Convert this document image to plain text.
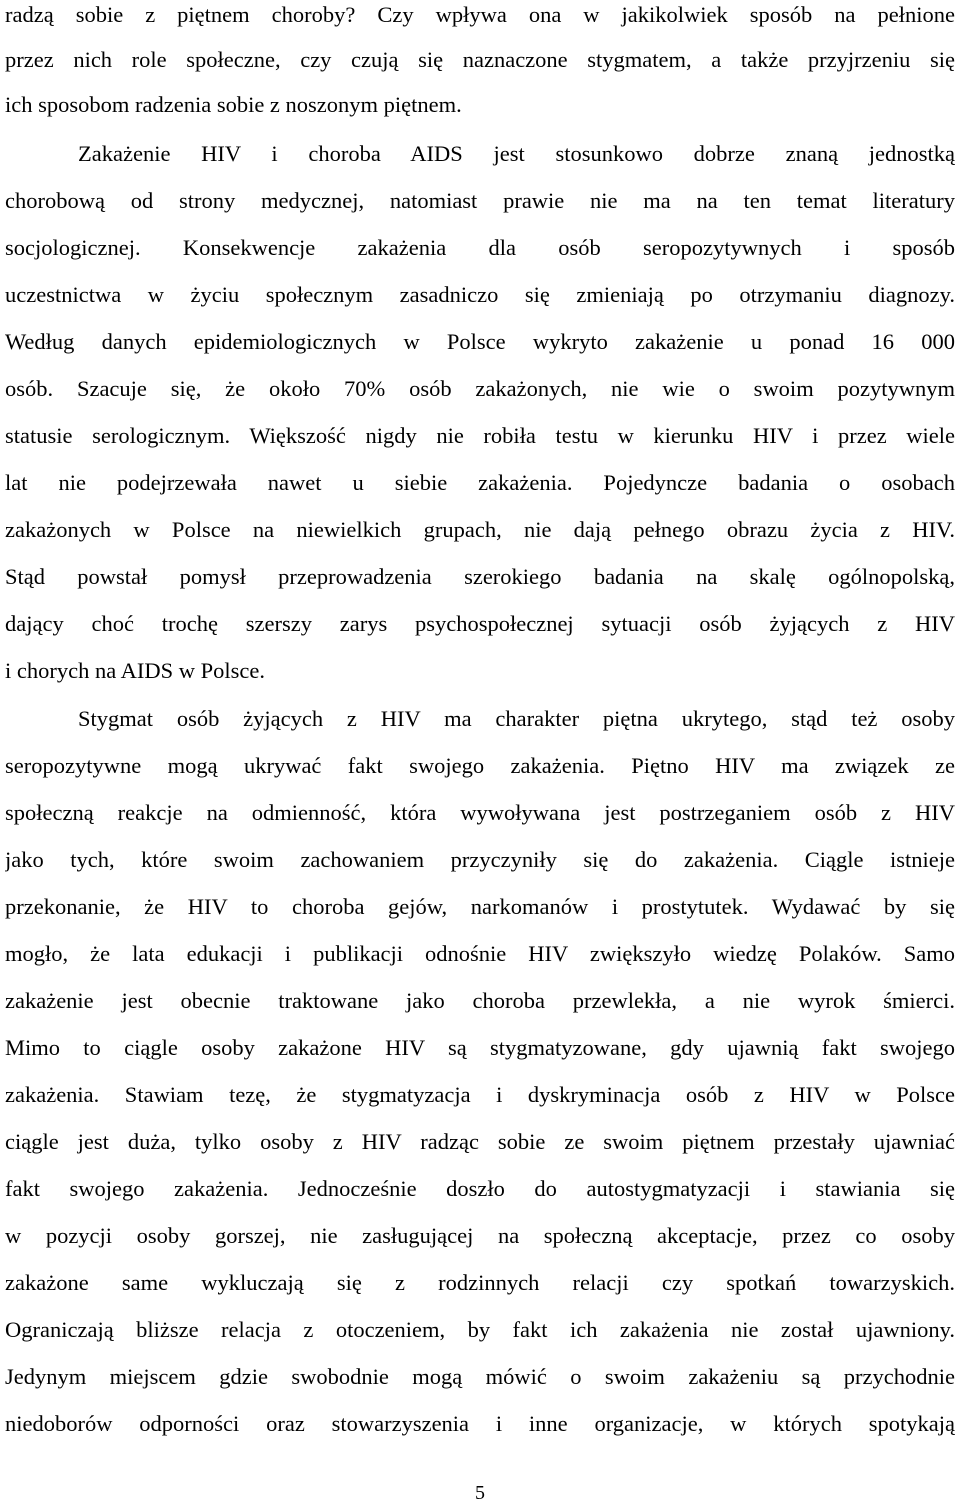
radzą sobie z piętnem choroby? Czy wpływa ona w jakikolwiek sposób na pełnione
przez nich role społeczne, czy czują się naznaczone stygmatem, a także przyjrzeniu się
ich sposobom radzenia sobie z noszonym piętnem.
Zakażenie HIV i choroba AIDS jest stosunkowo dobrze znaną jednostką
chorobową od strony medycznej, natomiast prawie nie ma na ten temat literatury
socjologicznej. Konsekwencje zakażenia dla osób seropozytywnych i sposób
uczestnictwa w życiu społecznym zasadniczo się zmieniają po otrzymaniu diagnozy.
Według danych epidemiologicznych w Polsce wykryto zakażenie u ponad 16 000
osób. Szacuje się, że około 70% osób zakażonych, nie wie o swoim pozytywnym
statusie serologicznym. Większość nigdy nie robiła testu w kierunku HIV i przez wiele
lat nie podejrzewała nawet u siebie zakażenia. Pojedyncze badania o osobach
zakażonych w Polsce na niewielkich grupach, nie dają pełnego obrazu życia z HIV.
Stąd powstał pomysł przeprowadzenia szerokiego badania na skalę ogólnopolską,
dający choć trochę szerszy zarys psychospołecznej sytuacji osób żyjących z HIV
i chorych na AIDS w Polsce.
Stygmat osób żyjących z HIV ma charakter piętna ukrytego, stąd też osoby
seropozytywne mogą ukrywać fakt swojego zakażenia. Piętno HIV ma związek ze
społeczną reakcje na odmienność, która wywoływana jest postrzeganiem osób z HIV
jako tych, które swoim zachowaniem przyczyniły się do zakażenia. Ciągle istnieje
przekonanie, że HIV to choroba gejów, narkomanów i prostytutek. Wydawać by się
mogło, że lata edukacji i publikacji odnośnie HIV zwiększyło wiedzę Polaków. Samo
zakażenie jest obecnie traktowane jako choroba przewlekła, a nie wyrok śmierci.
Mimo to ciągle osoby zakażone HIV są stygmatyzowane, gdy ujawnią fakt swojego
zakażenia. Stawiam tezę, że stygmatyzacja i dyskryminacja osób z HIV w Polsce
ciągle jest duża, tylko osoby z HIV radząc sobie ze swoim piętnem przestały ujawniać
fakt swojego zakażenia. Jednocześnie doszło do autostygmatyzacji i stawiania się
w pozycji osoby gorszej, nie zasługującej na społeczną akceptacje, przez co osoby
zakażone same wykluczają się z rodzinnych relacji czy spotkań towarzyskich.
Ograniczają bliższe relacja z otoczeniem, by fakt ich zakażenia nie został ujawniony.
Jedynym miejscem gdzie swobodnie mogą mówić o swoim zakażeniu są przychodnie
niedoborów odporności oraz stowarzyszenia i inne organizacje, w których spotykają
5
